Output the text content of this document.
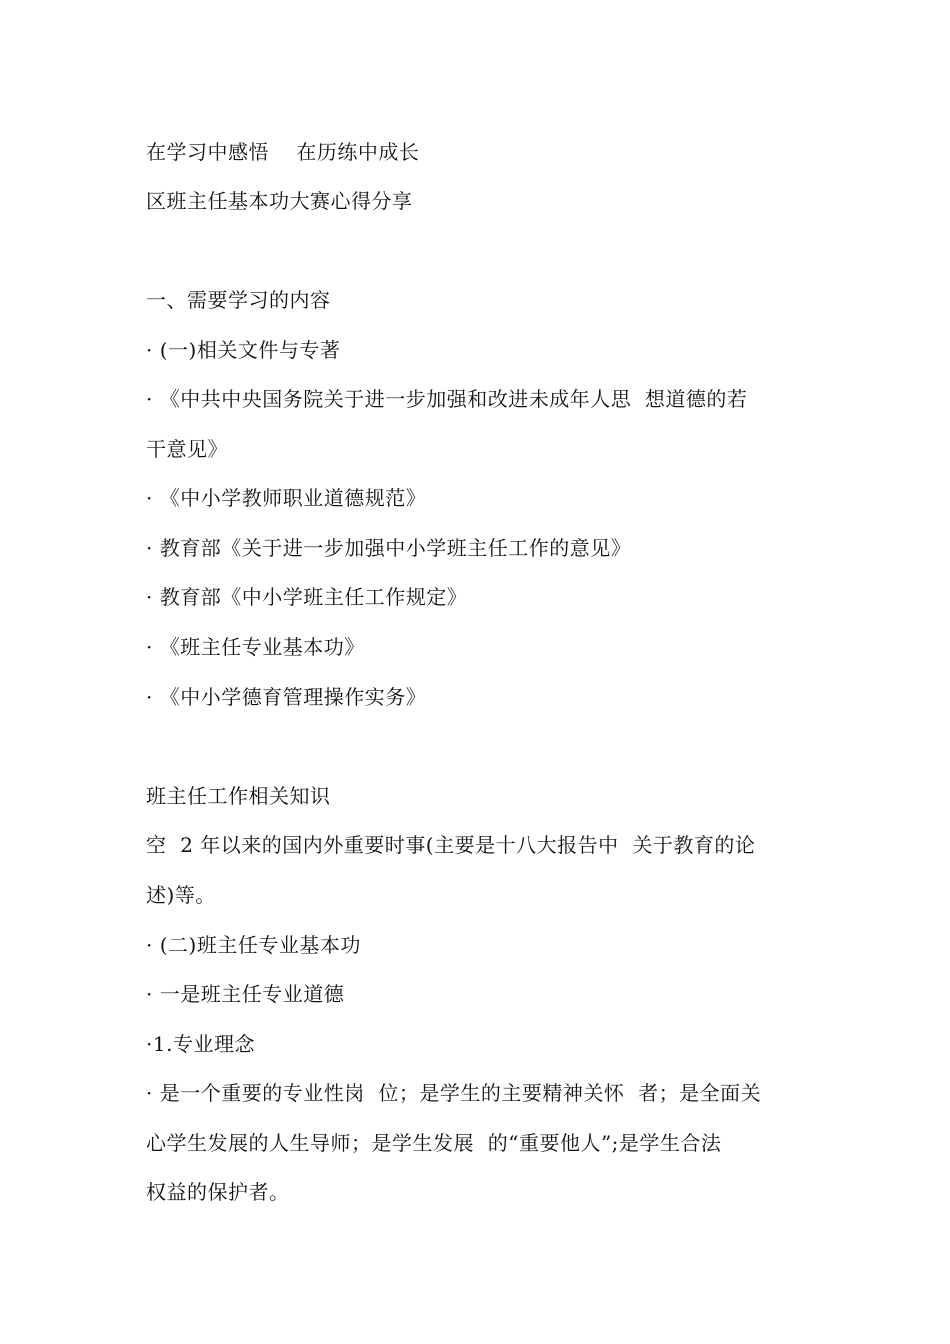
在学习中感悟　 在历练中成长
区班主任基本功大赛心得分享
一、需要学习的内容
· (一)相关文件与专著
· 《中共中央国务院关于进一步加强和改进未成年人思  想道德的若
干意见》
· 《中小学教师职业道德规范》
· 教育部《关于进一步加强中小学班主任工作的意见》
· 教育部《中小学班主任工作规定》
· 《班主任专业基本功》
· 《中小学德育管理操作实务》
班主任工作相关知识
空  2 年以来的国内外重要时事(主要是十八大报告中  关于教育的论
述)等。
· (二)班主任专业基本功
· 一是班主任专业道德
·1.专业理念
· 是一个重要的专业性岗  位；是学生的主要精神关怀  者；是全面关
心学生发展的人生导师；是学生发展  的“重要他人”;是学生合法
权益的保护者。
